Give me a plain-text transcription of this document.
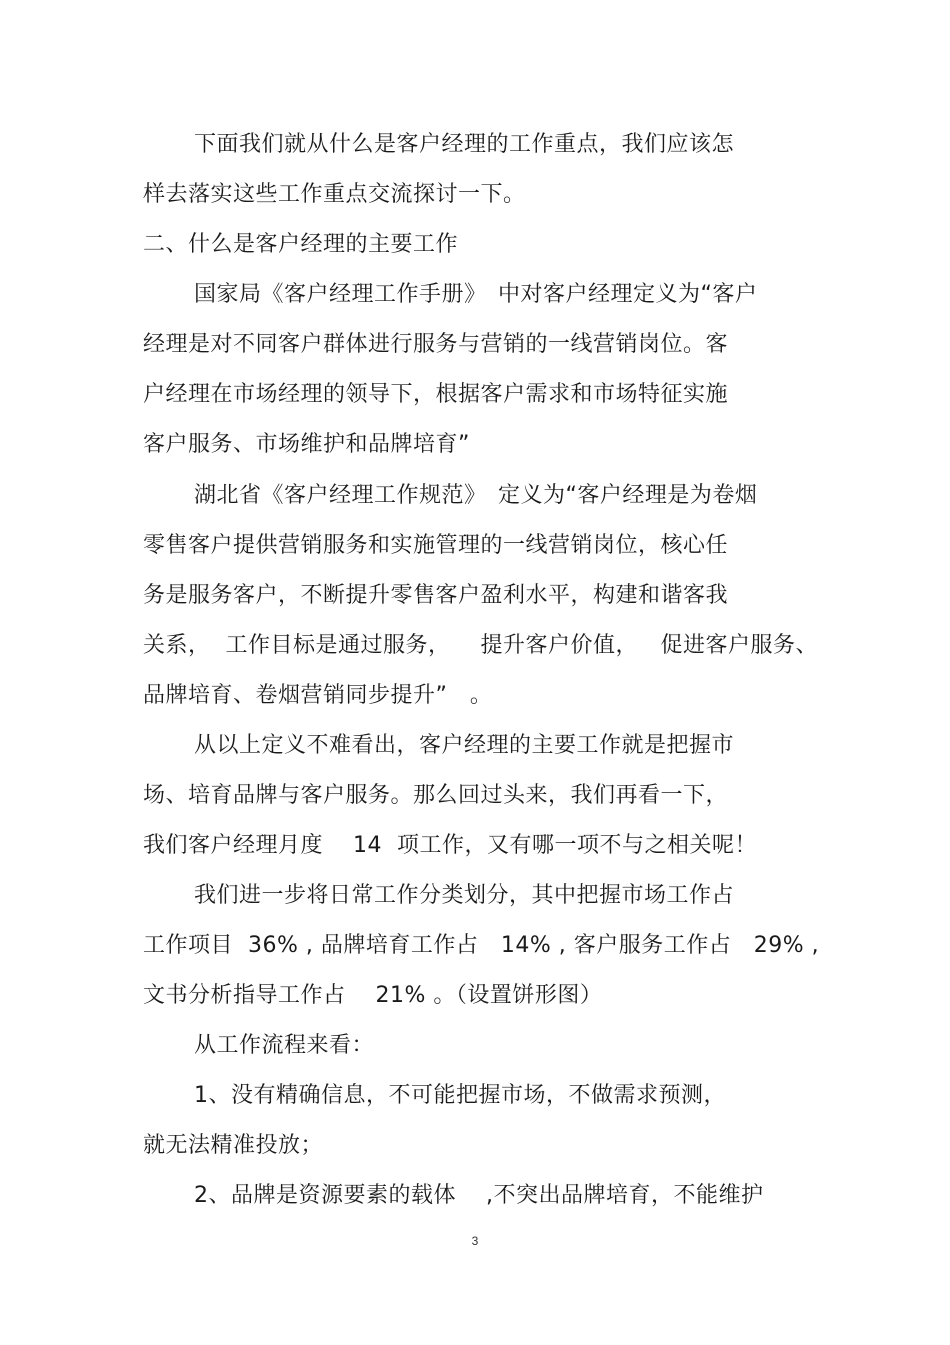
下面我们就从什么是客户经理的工作重点，我们应该怎
样去落实这些工作重点交流探讨一下。
二、什么是客户经理的主要工作
国家局《客户经理工作手册》　中对客户经理定义为“客户
经理是对不同客户群体进行服务与营销的一线营销岗位。客
户经理在市场经理的领导下，根据客户需求和市场特征实施
客户服务、市场维护和品牌培育”
湖北省《客户经理工作规范》　定义为“客户经理是为卷烟
零售客户提供营销服务和实施管理的一线营销岗位，核心任
务是服务客户，不断提升零售客户盈利水平，构建和谐客我
关系，  工作目标是通过服务，    提升客户价值，   促进客户服务、
品牌培育、卷烟营销同步提升”　。
从以上定义不难看出，客户经理的主要工作就是把握市
场、培育品牌与客户服务。那么回过头来，我们再看一下，
我们客户经理月度　 14  项工作，又有哪一项不与之相关呢！
我们进一步将日常工作分类划分，其中把握市场工作占
工作项目  36% , 品牌培育工作占   14% , 客户服务工作占   29% ,
文书分析指导工作占    21% 。（设置饼形图）
从工作流程来看：
1、没有精确信息，不可能把握市场，不做需求预测，
就无法精准投放；
2、品牌是资源要素的载体　 ,不突出品牌培育，不能维护
3
